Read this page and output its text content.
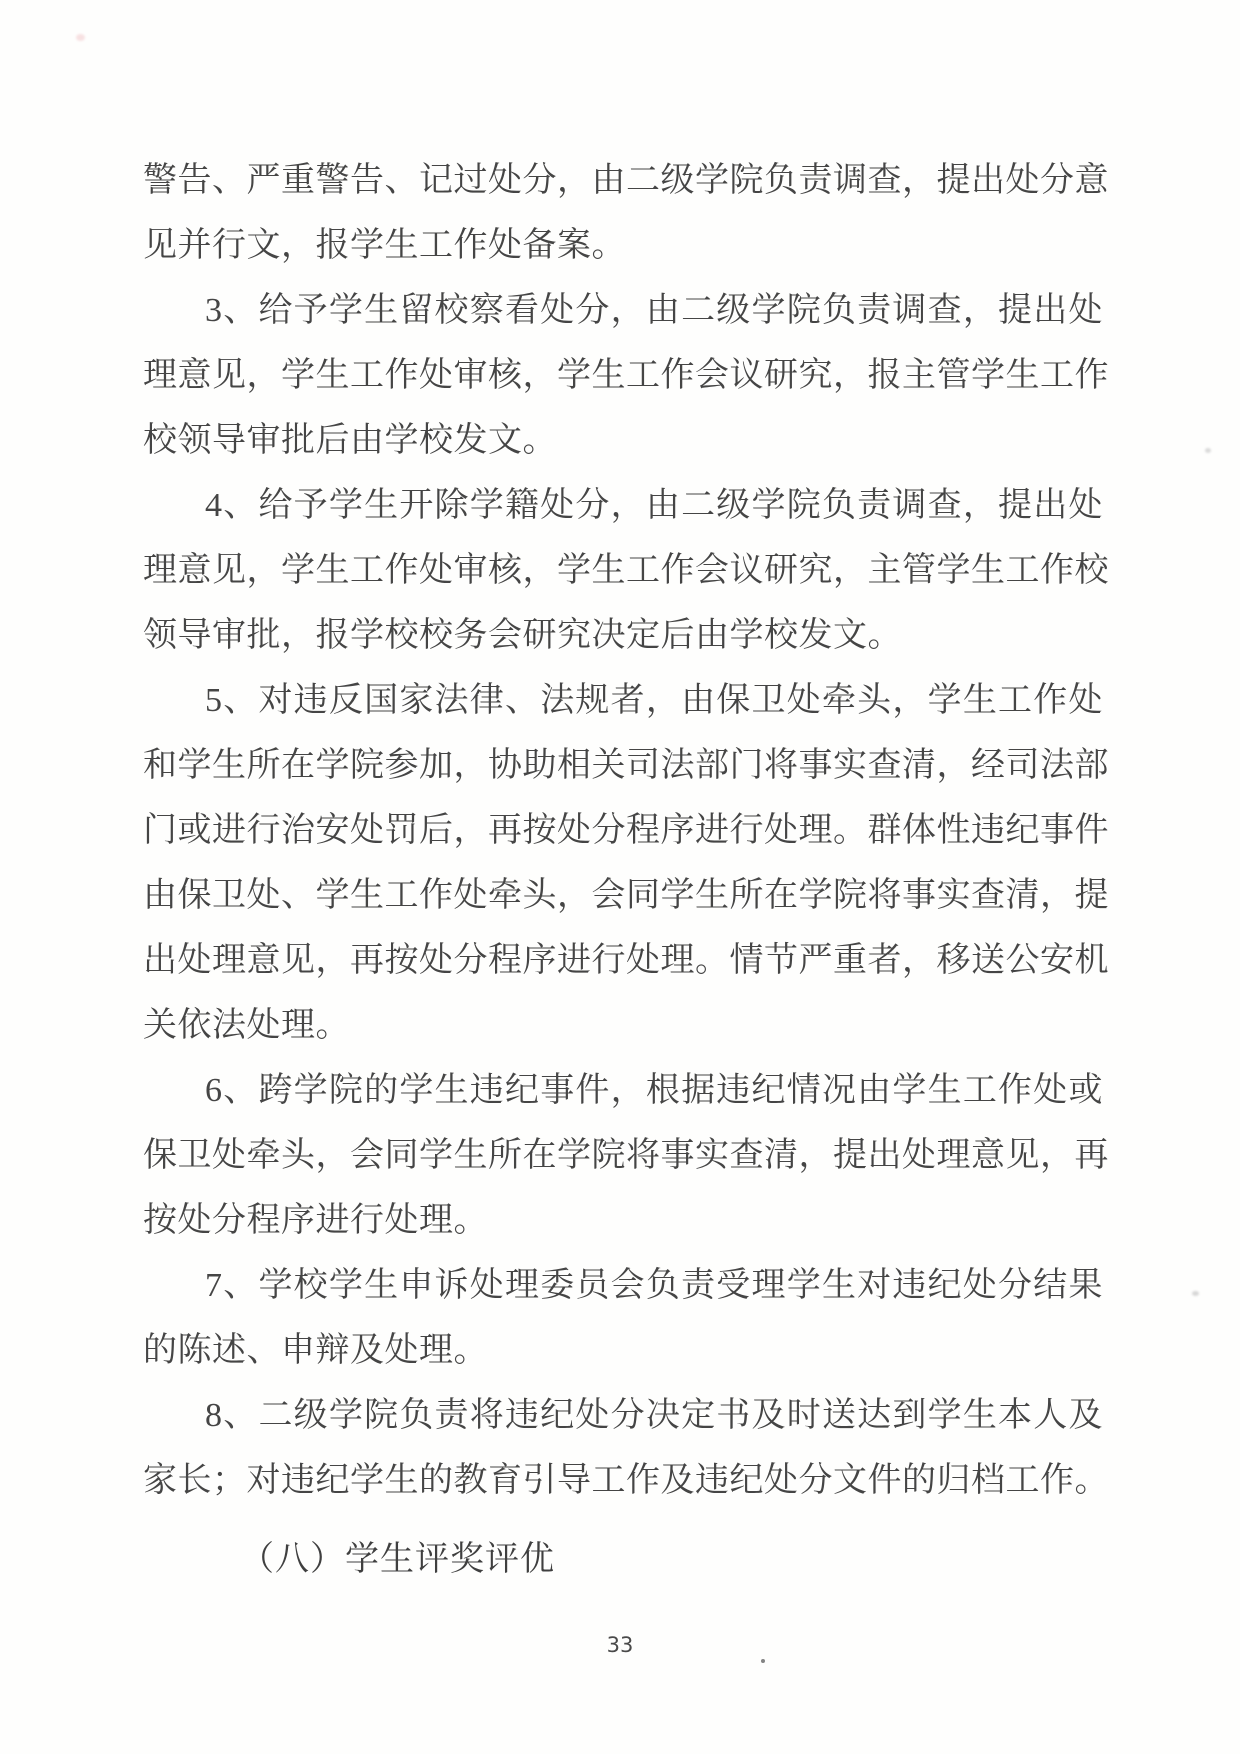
警告、严重警告、记过处分，由二级学院负责调查，提出处分意
见并行文，报学生工作处备案。
3、给予学生留校察看处分，由二级学院负责调查，提出处
理意见，学生工作处审核，学生工作会议研究，报主管学生工作
校领导审批后由学校发文。
4、给予学生开除学籍处分，由二级学院负责调查，提出处
理意见，学生工作处审核，学生工作会议研究，主管学生工作校
领导审批，报学校校务会研究决定后由学校发文。
5、对违反国家法律、法规者，由保卫处牵头，学生工作处
和学生所在学院参加，协助相关司法部门将事实查清，经司法部
门或进行治安处罚后，再按处分程序进行处理。群体性违纪事件
由保卫处、学生工作处牵头，会同学生所在学院将事实查清，提
出处理意见，再按处分程序进行处理。情节严重者，移送公安机
关依法处理。
6、跨学院的学生违纪事件，根据违纪情况由学生工作处或
保卫处牵头，会同学生所在学院将事实查清，提出处理意见，再
按处分程序进行处理。
7、学校学生申诉处理委员会负责受理学生对违纪处分结果
的陈述、申辩及处理。
8、二级学院负责将违纪处分决定书及时送达到学生本人及
家长；对违纪学生的教育引导工作及违纪处分文件的归档工作。
（八）学生评奖评优
33
